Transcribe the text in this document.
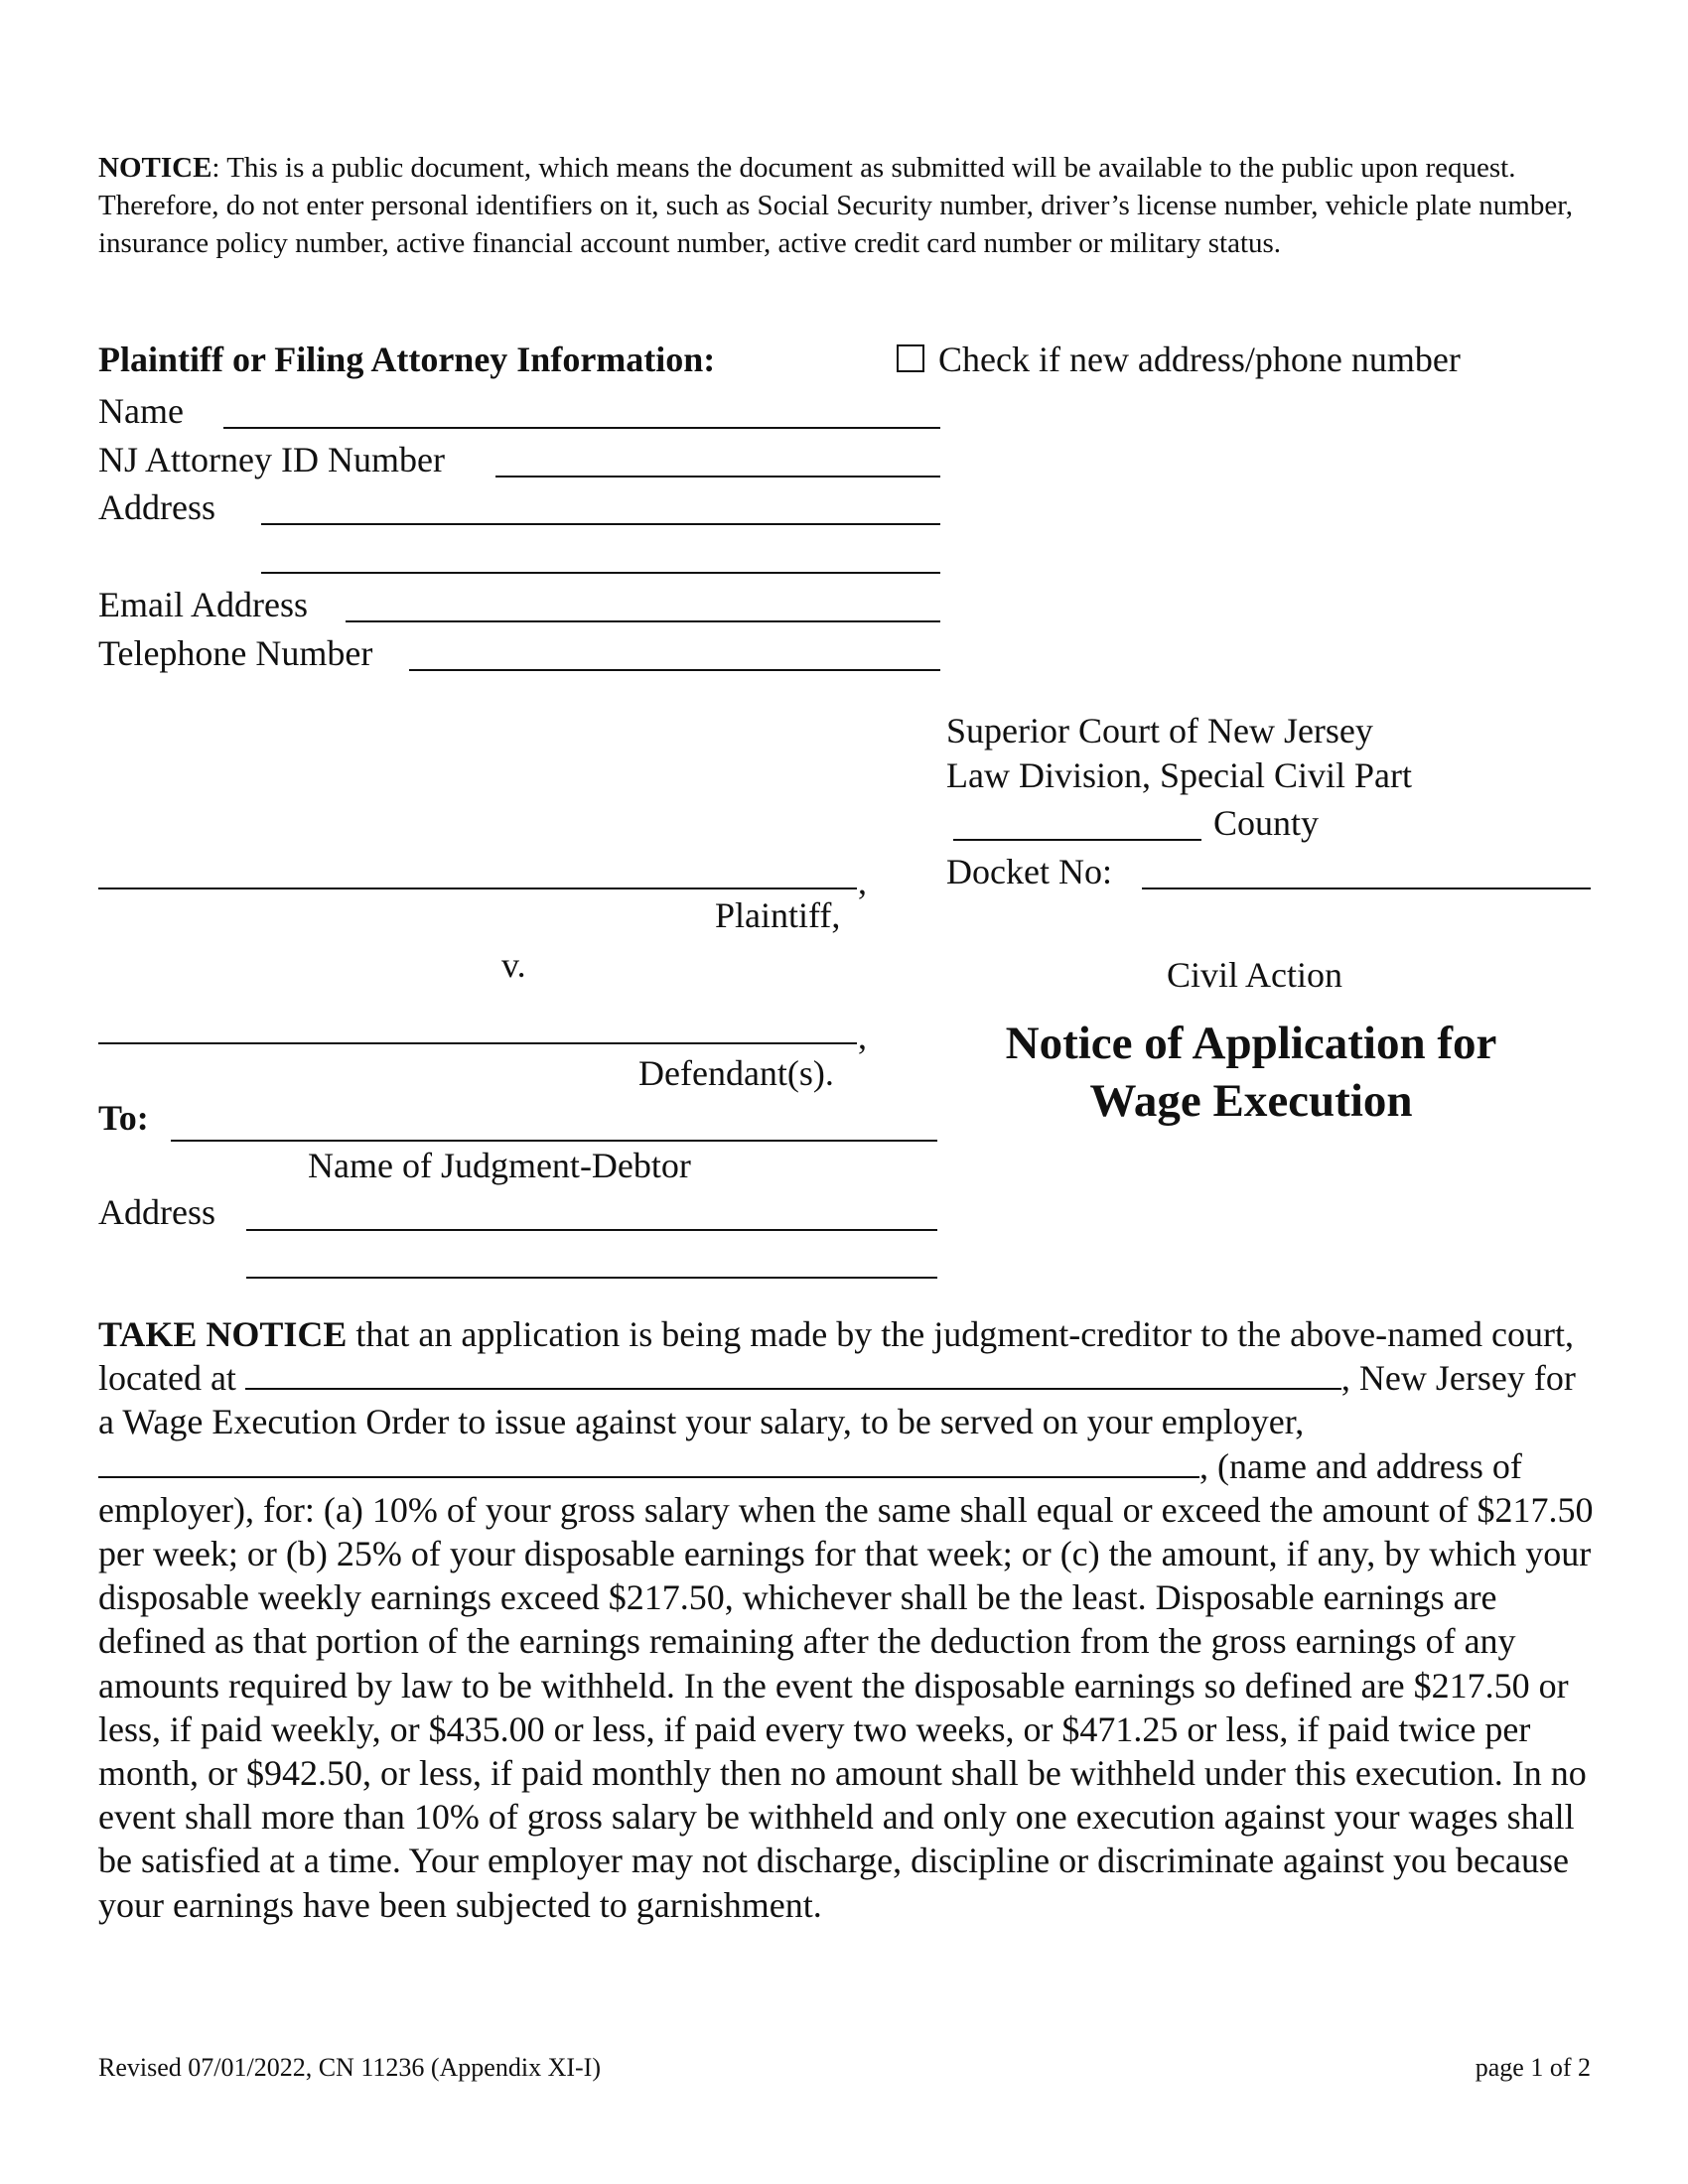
NOTICE: This is a public document, which means the document as submitted will be available to the public upon request. Therefore, do not enter personal identifiers on it, such as Social Security number, driver’s license number, vehicle plate number, insurance policy number, active financial account number, active credit card number or military status.
Plaintiff or Filing Attorney Information:	Check if new address/phone number
Name
NJ Attorney ID Number
Address
Email Address
Telephone Number
Superior Court of New Jersey
Law Division, Special Civil Part
County
Docket No:
,
Plaintiff,
v.	Civil Action
,
Defendant(s).
Notice of Application for
Wage Execution
To:
Name of Judgment-Debtor
Address
TAKE NOTICE that an application is being made by the judgment-creditor to the above-named court, located at	, New Jersey for a Wage Execution Order to issue against your salary, to be served on your employer, , (name and address of employer), for: (a) 10% of your gross salary when the same shall equal or exceed the amount of $217.50 per week; or (b) 25% of your disposable earnings for that week; or (c) the amount, if any, by which your disposable weekly earnings exceed $217.50, whichever shall be the least. Disposable earnings are defined as that portion of the earnings remaining after the deduction from the gross earnings of any amounts required by law to be withheld. In the event the disposable earnings so defined are $217.50 or less, if paid weekly, or $435.00 or less, if paid every two weeks, or $471.25 or less, if paid twice per month, or $942.50, or less, if paid monthly then no amount shall be withheld under this execution. In no event shall more than 10% of gross salary be withheld and only one execution against your wages shall be satisfied at a time. Your employer may not discharge, discipline or discriminate against you because your earnings have been subjected to garnishment.
Revised 07/01/2022, CN 11236 (Appendix XI-I)	page 1 of 2
